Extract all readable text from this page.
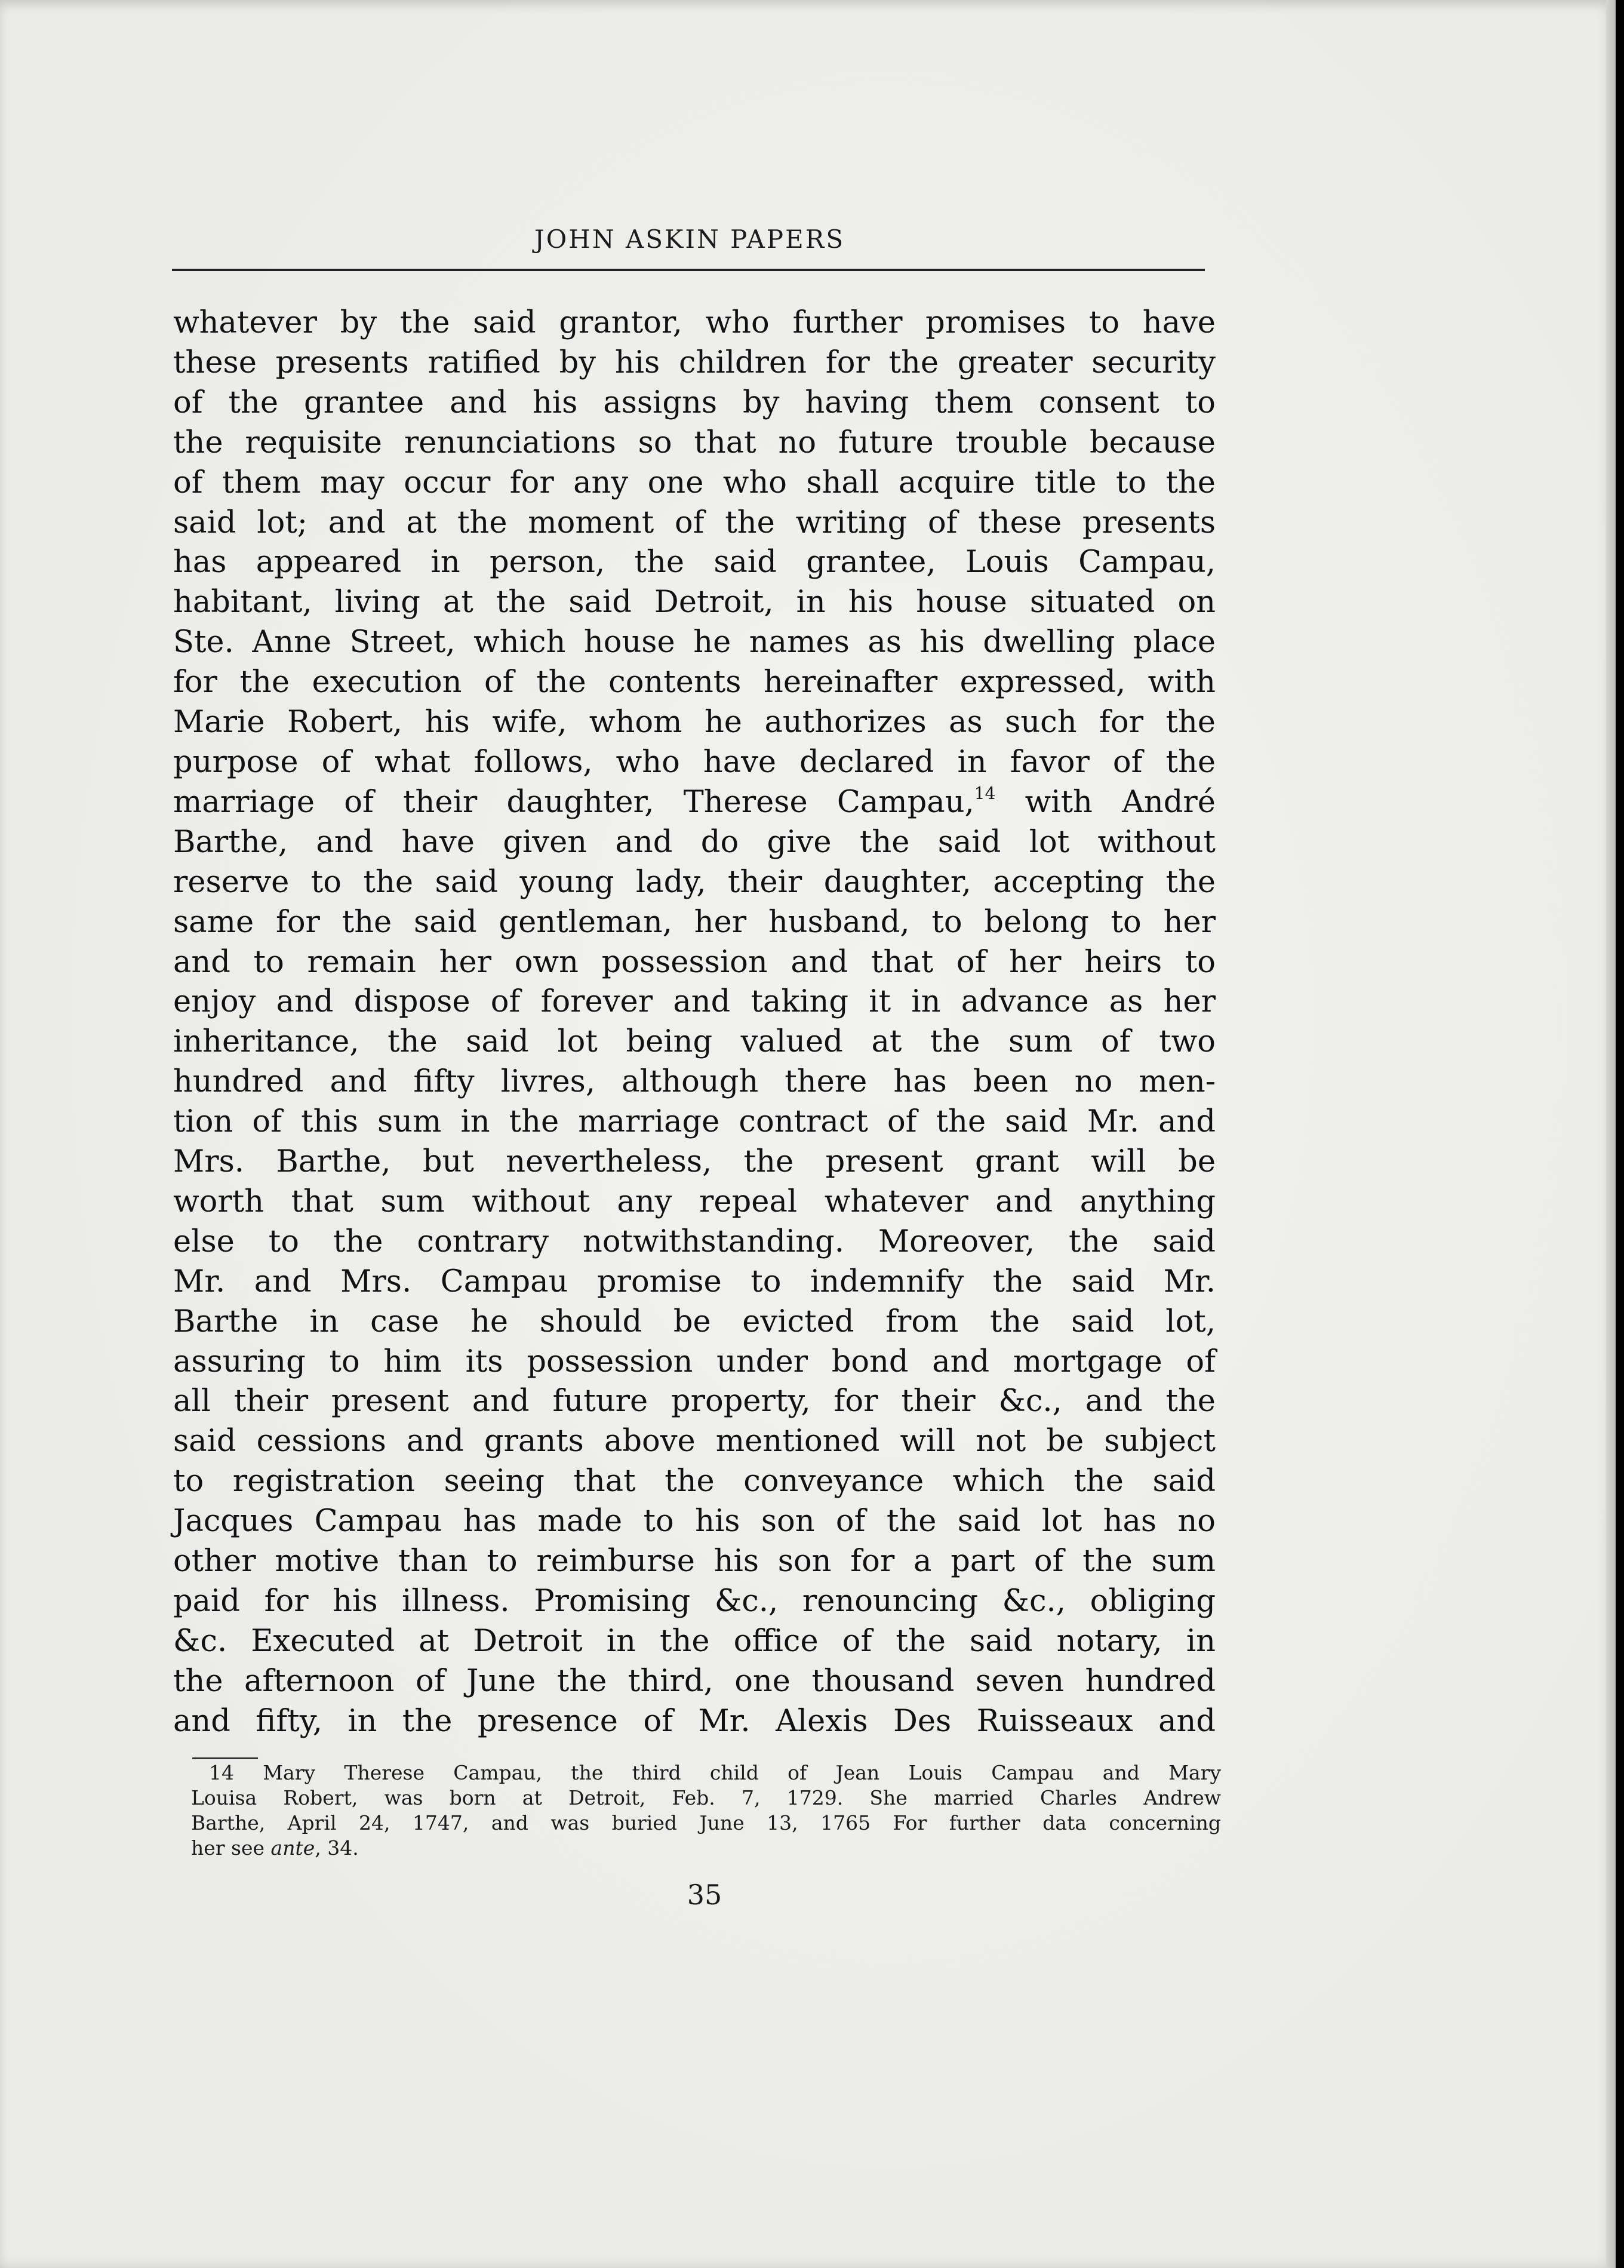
JOHN ASKIN PAPERS
whatever by the said grantor, who further promises to have
these presents ratified by his children for the greater security
of the grantee and his assigns by having them consent to
the requisite renunciations so that no future trouble because
of them may occur for any one who shall acquire title to the
said lot; and at the moment of the writing of these presents
has appeared in person, the said grantee, Louis Campau,
habitant, living at the said Detroit, in his house situated on
Ste. Anne Street, which house he names as his dwelling place
for the execution of the contents hereinafter expressed, with
Marie Robert, his wife, whom he authorizes as such for the
purpose of what follows, who have declared in favor of the
marriage of their daughter, Therese Campau,$^{14}$ with André
Barthe, and have given and do give the said lot without
reserve to the said young lady, their daughter, accepting the
same for the said gentleman, her husband, to belong to her
and to remain her own possession and that of her heirs to
enjoy and dispose of forever and taking it in advance as her
inheritance, the said lot being valued at the sum of two
hundred and fifty livres, although there has been no men-
tion of this sum in the marriage contract of the said Mr. and
Mrs. Barthe, but nevertheless, the present grant will be
worth that sum without any repeal whatever and anything
else to the contrary notwithstanding. Moreover, the said
Mr. and Mrs. Campau promise to indemnify the said Mr.
Barthe in case he should be evicted from the said lot,
assuring to him its possession under bond and mortgage of
all their present and future property, for their &c., and the
said cessions and grants above mentioned will not be subject
to registration seeing that the conveyance which the said
Jacques Campau has made to his son of the said lot has no
other motive than to reimburse his son for a part of the sum
paid for his illness. Promising &c., renouncing &c., obliging
&c. Executed at Detroit in the office of the said notary, in
the afternoon of June the third, one thousand seven hundred
and fifty, in the presence of Mr. Alexis Des Ruisseaux and
14 Mary Therese Campau, the third child of Jean Louis Campau and Mary
Louisa Robert, was born at Detroit, Feb. 7, 1729. She married Charles Andrew
Barthe, April 24, 1747, and was buried June 13, 1765 For further data concerning
her see ante, 34.
35
